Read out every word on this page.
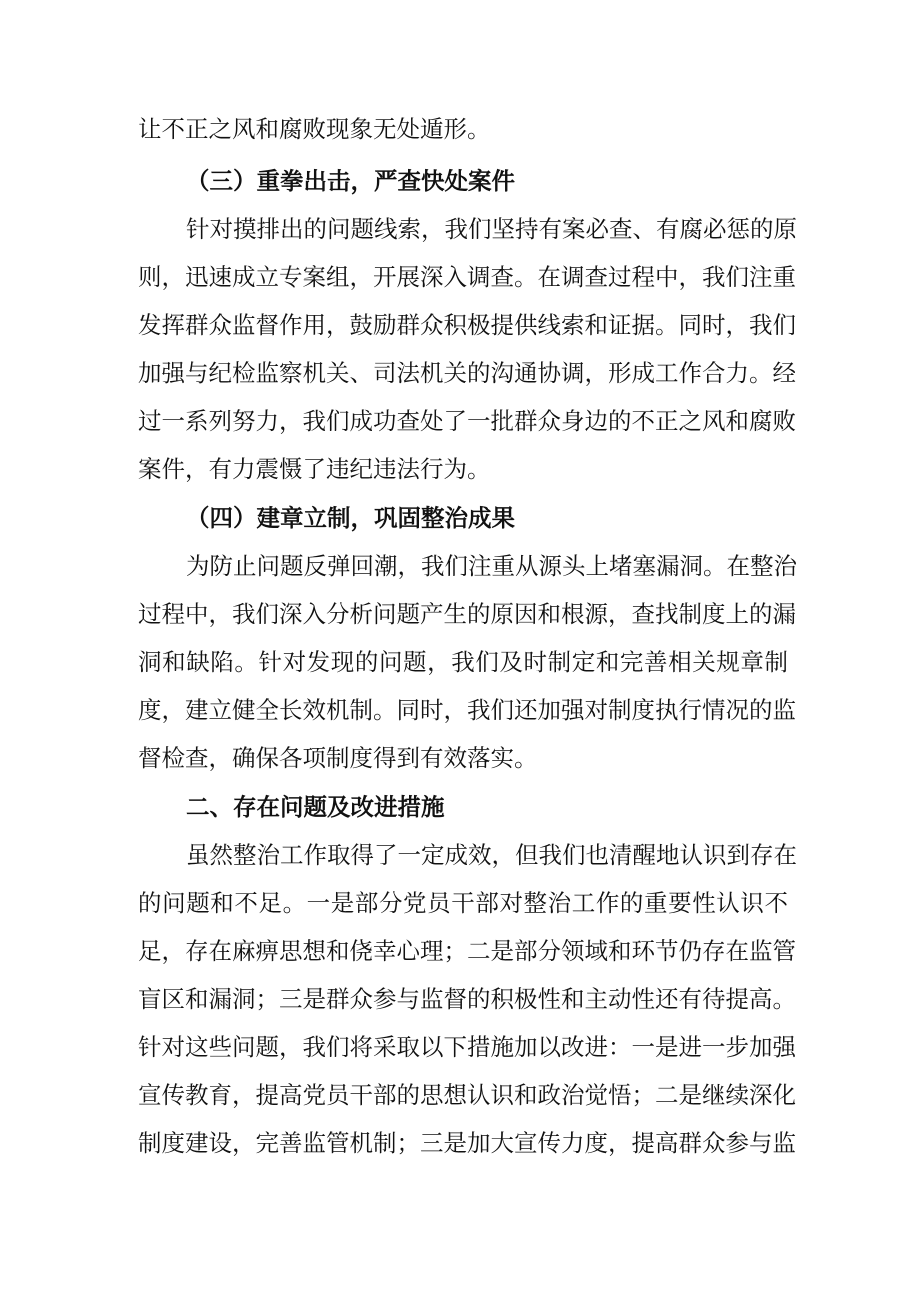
让不正之风和腐败现象无处遁形。
（三）重拳出击，严查快处案件
针对摸排出的问题线索，我们坚持有案必查、有腐必惩的原
则，迅速成立专案组，开展深入调查。在调查过程中，我们注重
发挥群众监督作用，鼓励群众积极提供线索和证据。同时，我们
加强与纪检监察机关、司法机关的沟通协调，形成工作合力。经
过一系列努力，我们成功查处了一批群众身边的不正之风和腐败
案件，有力震慑了违纪违法行为。
（四）建章立制，巩固整治成果
为防止问题反弹回潮，我们注重从源头上堵塞漏洞。在整治
过程中，我们深入分析问题产生的原因和根源，查找制度上的漏
洞和缺陷。针对发现的问题，我们及时制定和完善相关规章制
度，建立健全长效机制。同时，我们还加强对制度执行情况的监
督检查，确保各项制度得到有效落实。
二、存在问题及改进措施
虽然整治工作取得了一定成效，但我们也清醒地认识到存在
的问题和不足。一是部分党员干部对整治工作的重要性认识不
足，存在麻痹思想和侥幸心理；二是部分领域和环节仍存在监管
盲区和漏洞；三是群众参与监督的积极性和主动性还有待提高。
针对这些问题，我们将采取以下措施加以改进：一是进一步加强
宣传教育，提高党员干部的思想认识和政治觉悟；二是继续深化
制度建设，完善监管机制；三是加大宣传力度，提高群众参与监
